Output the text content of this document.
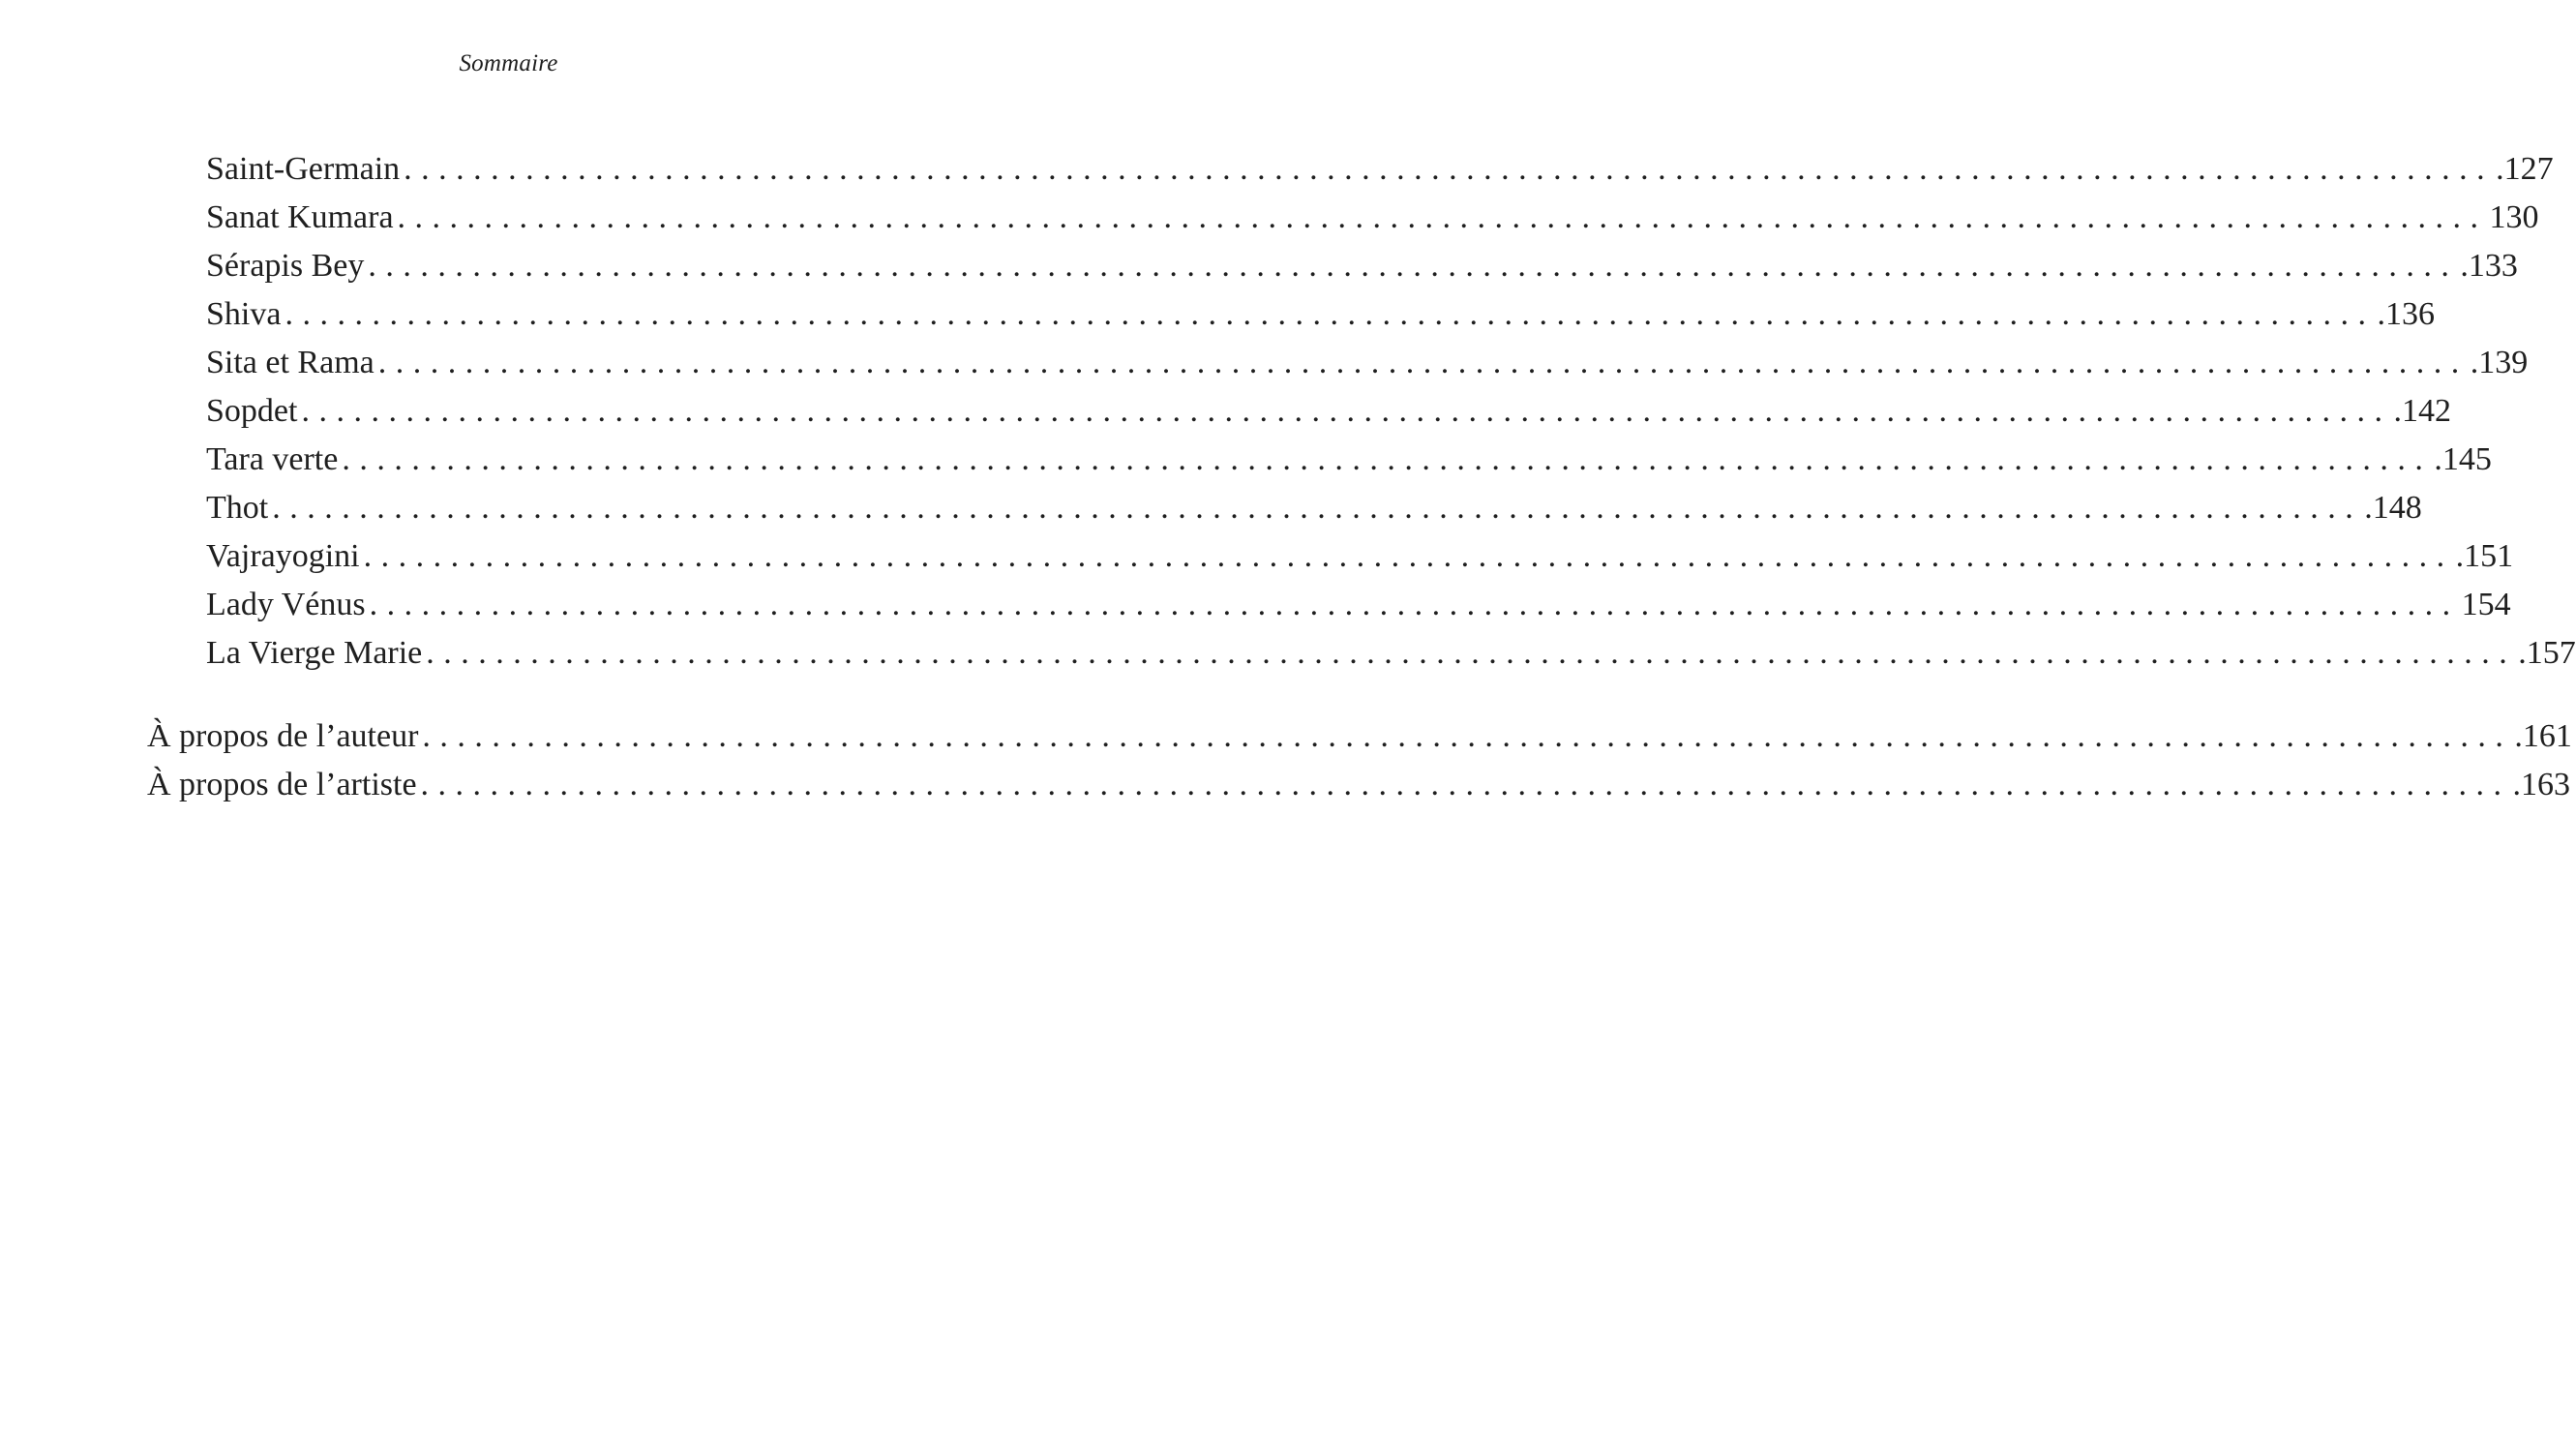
Sommaire
Saint-Germain ........................................................................................................................ .127
Sanat Kumara ........................................................................................................................ 130
Sérapis Bey ........................................................................................................................ .133
Shiva ........................................................................................................................ .136
Sita et Rama ........................................................................................................................ .139
Sopdet ........................................................................................................................ .142
Tara verte ........................................................................................................................ .145
Thot ........................................................................................................................ .148
Vajrayogini ........................................................................................................................ .151
Lady Vénus ........................................................................................................................ 154
La Vierge Marie ........................................................................................................................ .157
À propos de l’auteur ........................................................................................................................ .161
À propos de l’artiste ........................................................................................................................ .163
